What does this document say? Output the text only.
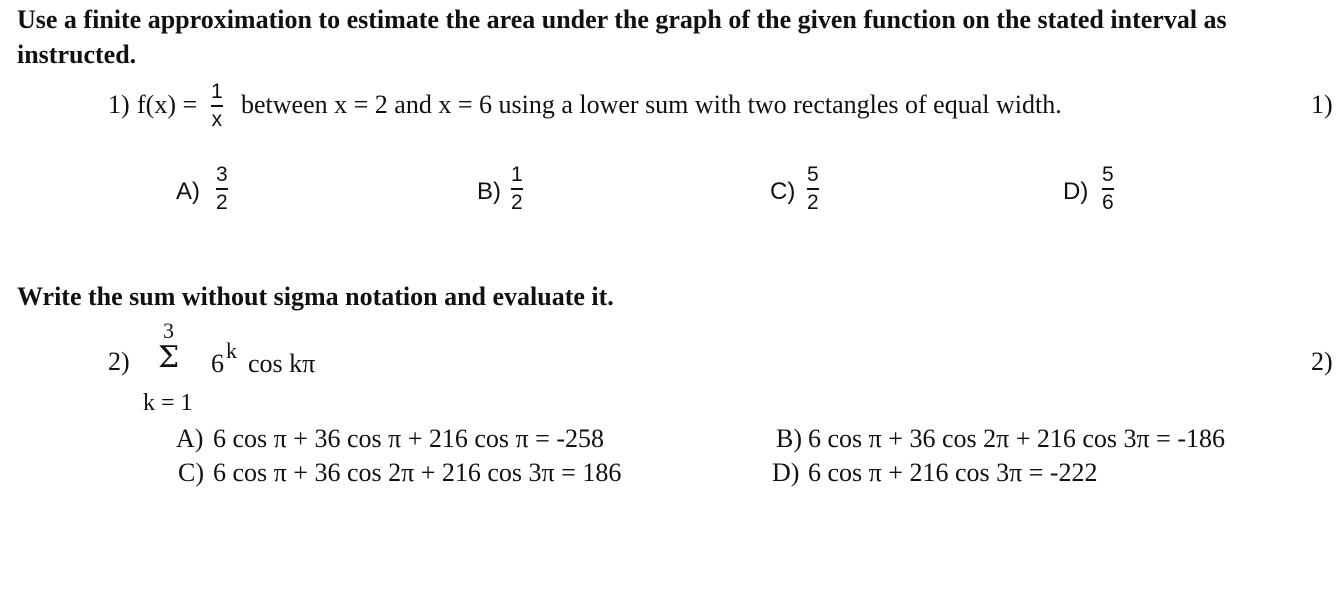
Use a finite approximation to estimate the area under the graph of the given function on the stated interval as
instructed.
1) f(x) = 1
x
between x = 2 and x = 6 using a lower sum with two rectangles of equal width.	1)
A)
3
2	B)
1
2	C)
5
2	D)
5
6
Write the sum without sigma notation and evaluate it.
2)
3
Σ
k = 1
6 k cos kπ	2)
A) 6 cos π + 36 cos π + 216 cos π = -258	B) 6 cos π + 36 cos 2π + 216 cos 3π = -186
C) 6 cos π + 36 cos 2π + 216 cos 3π = 186	D) 6 cos π + 216 cos 3π = -222
